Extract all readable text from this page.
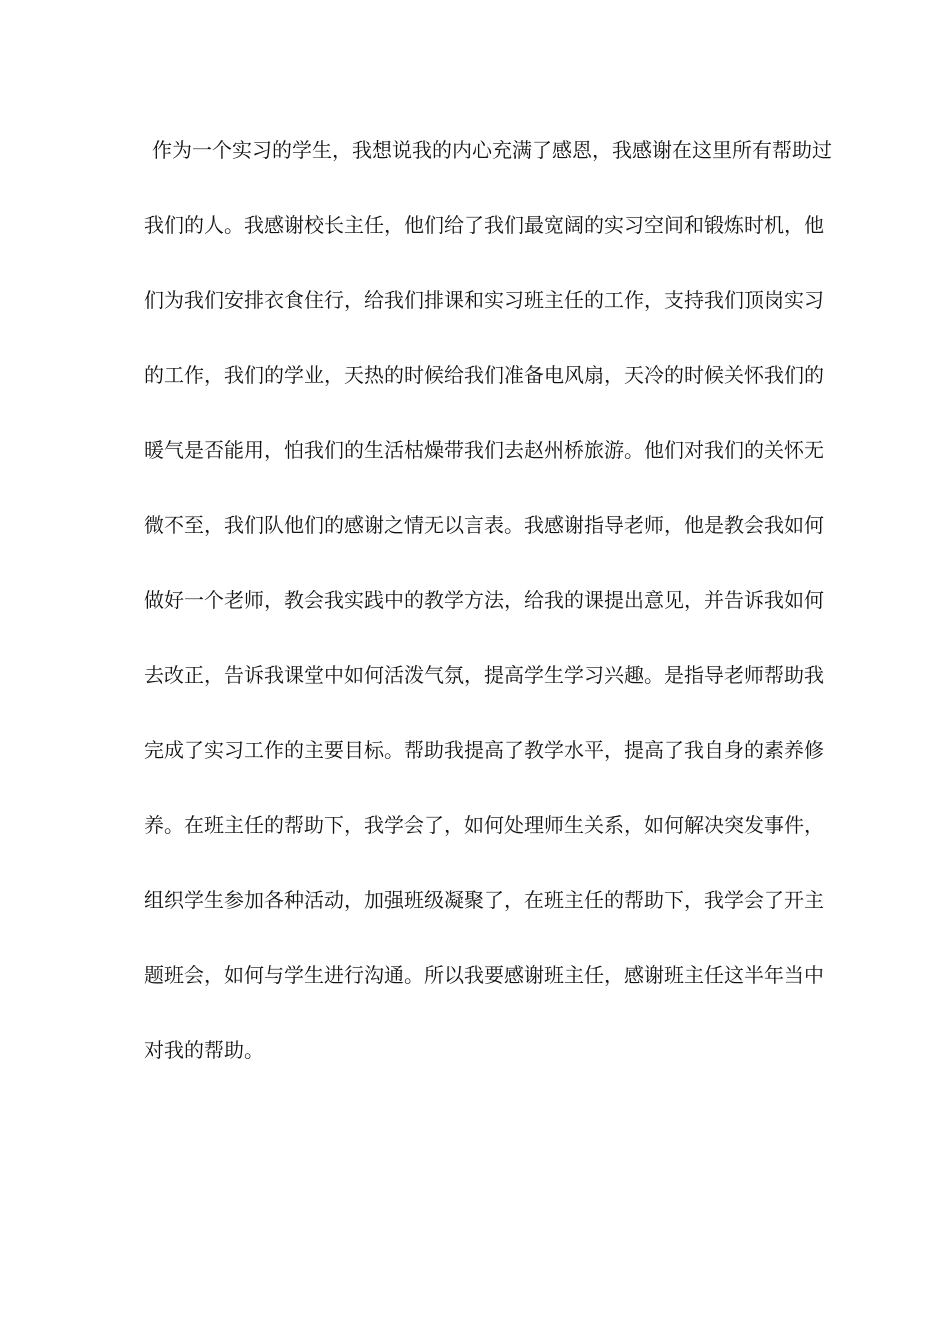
作为一个实习的学生，我想说我的内心充满了感恩，我感谢在这里所有帮助过
我们的人。我感谢校长主任，他们给了我们最宽阔的实习空间和锻炼时机，他
们为我们安排衣食住行，给我们排课和实习班主任的工作，支持我们顶岗实习
的工作，我们的学业，天热的时候给我们准备电风扇，天冷的时候关怀我们的
暖气是否能用，怕我们的生活枯燥带我们去赵州桥旅游。他们对我们的关怀无
微不至，我们队他们的感谢之情无以言表。我感谢指导老师，他是教会我如何
做好一个老师，教会我实践中的教学方法，给我的课提出意见，并告诉我如何
去改正，告诉我课堂中如何活泼气氛，提高学生学习兴趣。是指导老师帮助我
完成了实习工作的主要目标。帮助我提高了教学水平，提高了我自身的素养修
养。在班主任的帮助下，我学会了，如何处理师生关系，如何解决突发事件，
组织学生参加各种活动，加强班级凝聚了，在班主任的帮助下，我学会了开主
题班会，如何与学生进行沟通。所以我要感谢班主任，感谢班主任这半年当中
对我的帮助。
